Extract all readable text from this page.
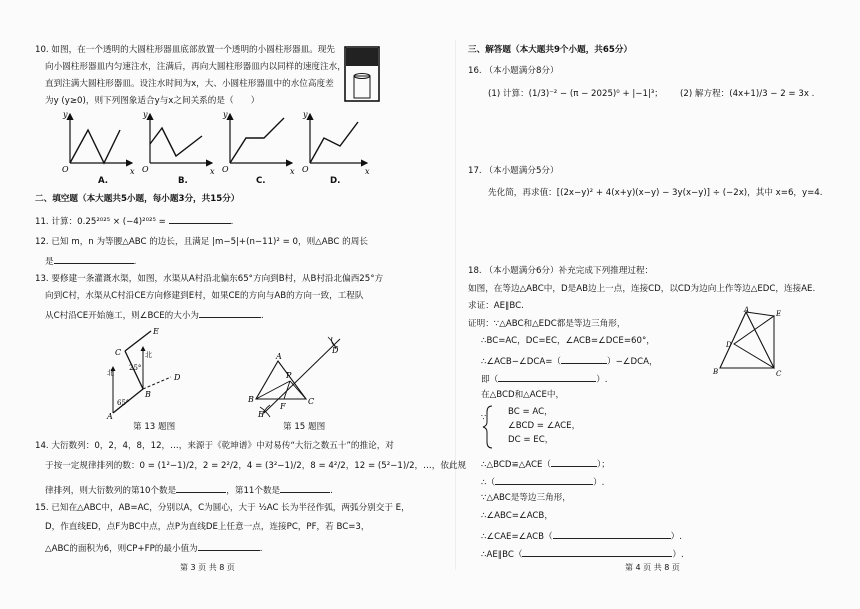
10. 如图，在一个透明的大圆柱形器皿底部放置一个透明的小圆柱形器皿。现先
向小圆柱形器皿内匀速注水，注满后，再向大圆柱形器皿内以同样的速度注水，
直到注满大圆柱形器皿。设注水时间为x，大、小圆柱形器皿中的水位高度差
为y (y≥0)，则下列图象适合y与x之间关系的是（　　）
y
x
O
y
x
O
y
x
O
y
x
O
A.	B.	C.	D.
二、填空题（本大题共5小题，每小题3分，共15分）
11. 计算：0.25²⁰²⁵ × (−4)²⁰²⁵ =	.
12. 已知 m，n 为等腰△ABC 的边长，且满足 |m−5|+(n−11)² = 0，则△ABC 的周长
是	.
13. 要修建一条灌溉水渠，如图，水渠从A村沿北偏东65°方向到B村，从B村沿北偏西25°方
向到C村，水渠从C村沿CE方向修建到E村，如果CE的方向与AB的方向一致，工程队
从C村沿CE开始施工，则∠BCE的大小为	.
E
C	北
北
25°
B
D
A
65°
第 13 题图
A
B	C
D
E
F
P
第 15 题图
14. 大衍数列：0，2，4，8，12，…，来源于《乾坤谱》中对易传“大衍之数五十”的推论，对
于按一定规律排列的数：0 = (1²−1)/2，2 = 2²/2，4 = (3²−1)/2，8 = 4²/2，12 = (5²−1)/2，…，依此规
律排列，则大衍数列的第10个数是	，第11个数是	.
15. 已知在△ABC中，AB=AC，分别以A，C为圆心，大于 ½AC 长为半径作弧，两弧分别交于 E，
D，作直线ED，点F为BC中点，点P为直线DE上任意一点，连接PC，PF，若 BC=3，
△ABC的面积为6，则CP+FP的最小值为	.
第 3 页 共 8 页
三、解答题（本大题共9个小题，共65分）
16. （本小题满分8分）
(1) 计算：(1/3)⁻² − (π − 2025)⁰ + |−1|³； (2) 解方程：(4x+1)/3 − 2 = 3x .
17. （本小题满分5分）
先化简，再求值：[(2x−y)² + 4(x+y)(x−y) − 3y(x−y)] ÷ (−2x)，其中 x=6，y=4.
18. （本小题满分6分）补充完成下列推理过程：
如图，在等边△ABC中，D是AB边上一点，连接CD，以CD为边向上作等边△EDC，连接AE.
求证：AE∥BC.
证明：∵△ABC和△EDC都是等边三角形，
∴BC=AC，DC=EC，∠ACB=∠DCE=60°，
∴∠ACB−∠DCA=（	）−∠DCA，
即（	）.
在△BCD和△ACE中，
∵
BC = AC，
∠BCD = ∠ACE，
DC = EC，
∴△BCD≌△ACE（	）；
∴（	）.
∵△ABC是等边三角形，
∴∠ABC=∠ACB，
∴∠CAE=∠ACB（	）.
∴AE∥BC（	）.
A	E
D
B	C
第 4 页 共 8 页
